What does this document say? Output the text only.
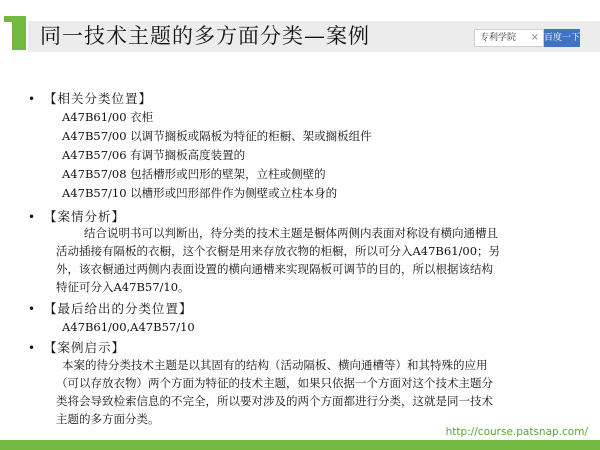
同一技术主题的多方面分类—案例	专利学院	× 百度一下
• 【相关分类位置】
A47B61/00 衣柜
A47B57/00 以调节搁板或隔板为特征的柜橱、架或搁板组件
A47B57/06 有调节搁板高度装置的
A47B57/08 包括槽形或凹形的壁架，立柱或侧壁的
A47B57/10 以槽形或凹形部件作为侧壁或立柱本身的
• 【案情分析】
结合说明书可以判断出，待分类的技术主题是橱体两侧内表面对称设有横向通槽且
活动插接有隔板的衣橱，这个衣橱是用来存放衣物的柜橱，所以可分入A47B61/00；另
外，该衣橱通过两侧内表面设置的横向通槽来实现隔板可调节的目的，所以根据该结构
特征可分入A47B57/10。
• 【最后给出的分类位置】
A47B61/00,A47B57/10
• 【案例启示】
本案的待分类技术主题是以其固有的结构（活动隔板、横向通槽等）和其特殊的应用
（可以存放衣物）两个方面为特征的技术主题，如果只依据一个方面对这个技术主题分
类将会导致检索信息的不完全，所以要对涉及的两个方面都进行分类，这就是同一技术
主题的多方面分类。
http://course.patsnap.com/
